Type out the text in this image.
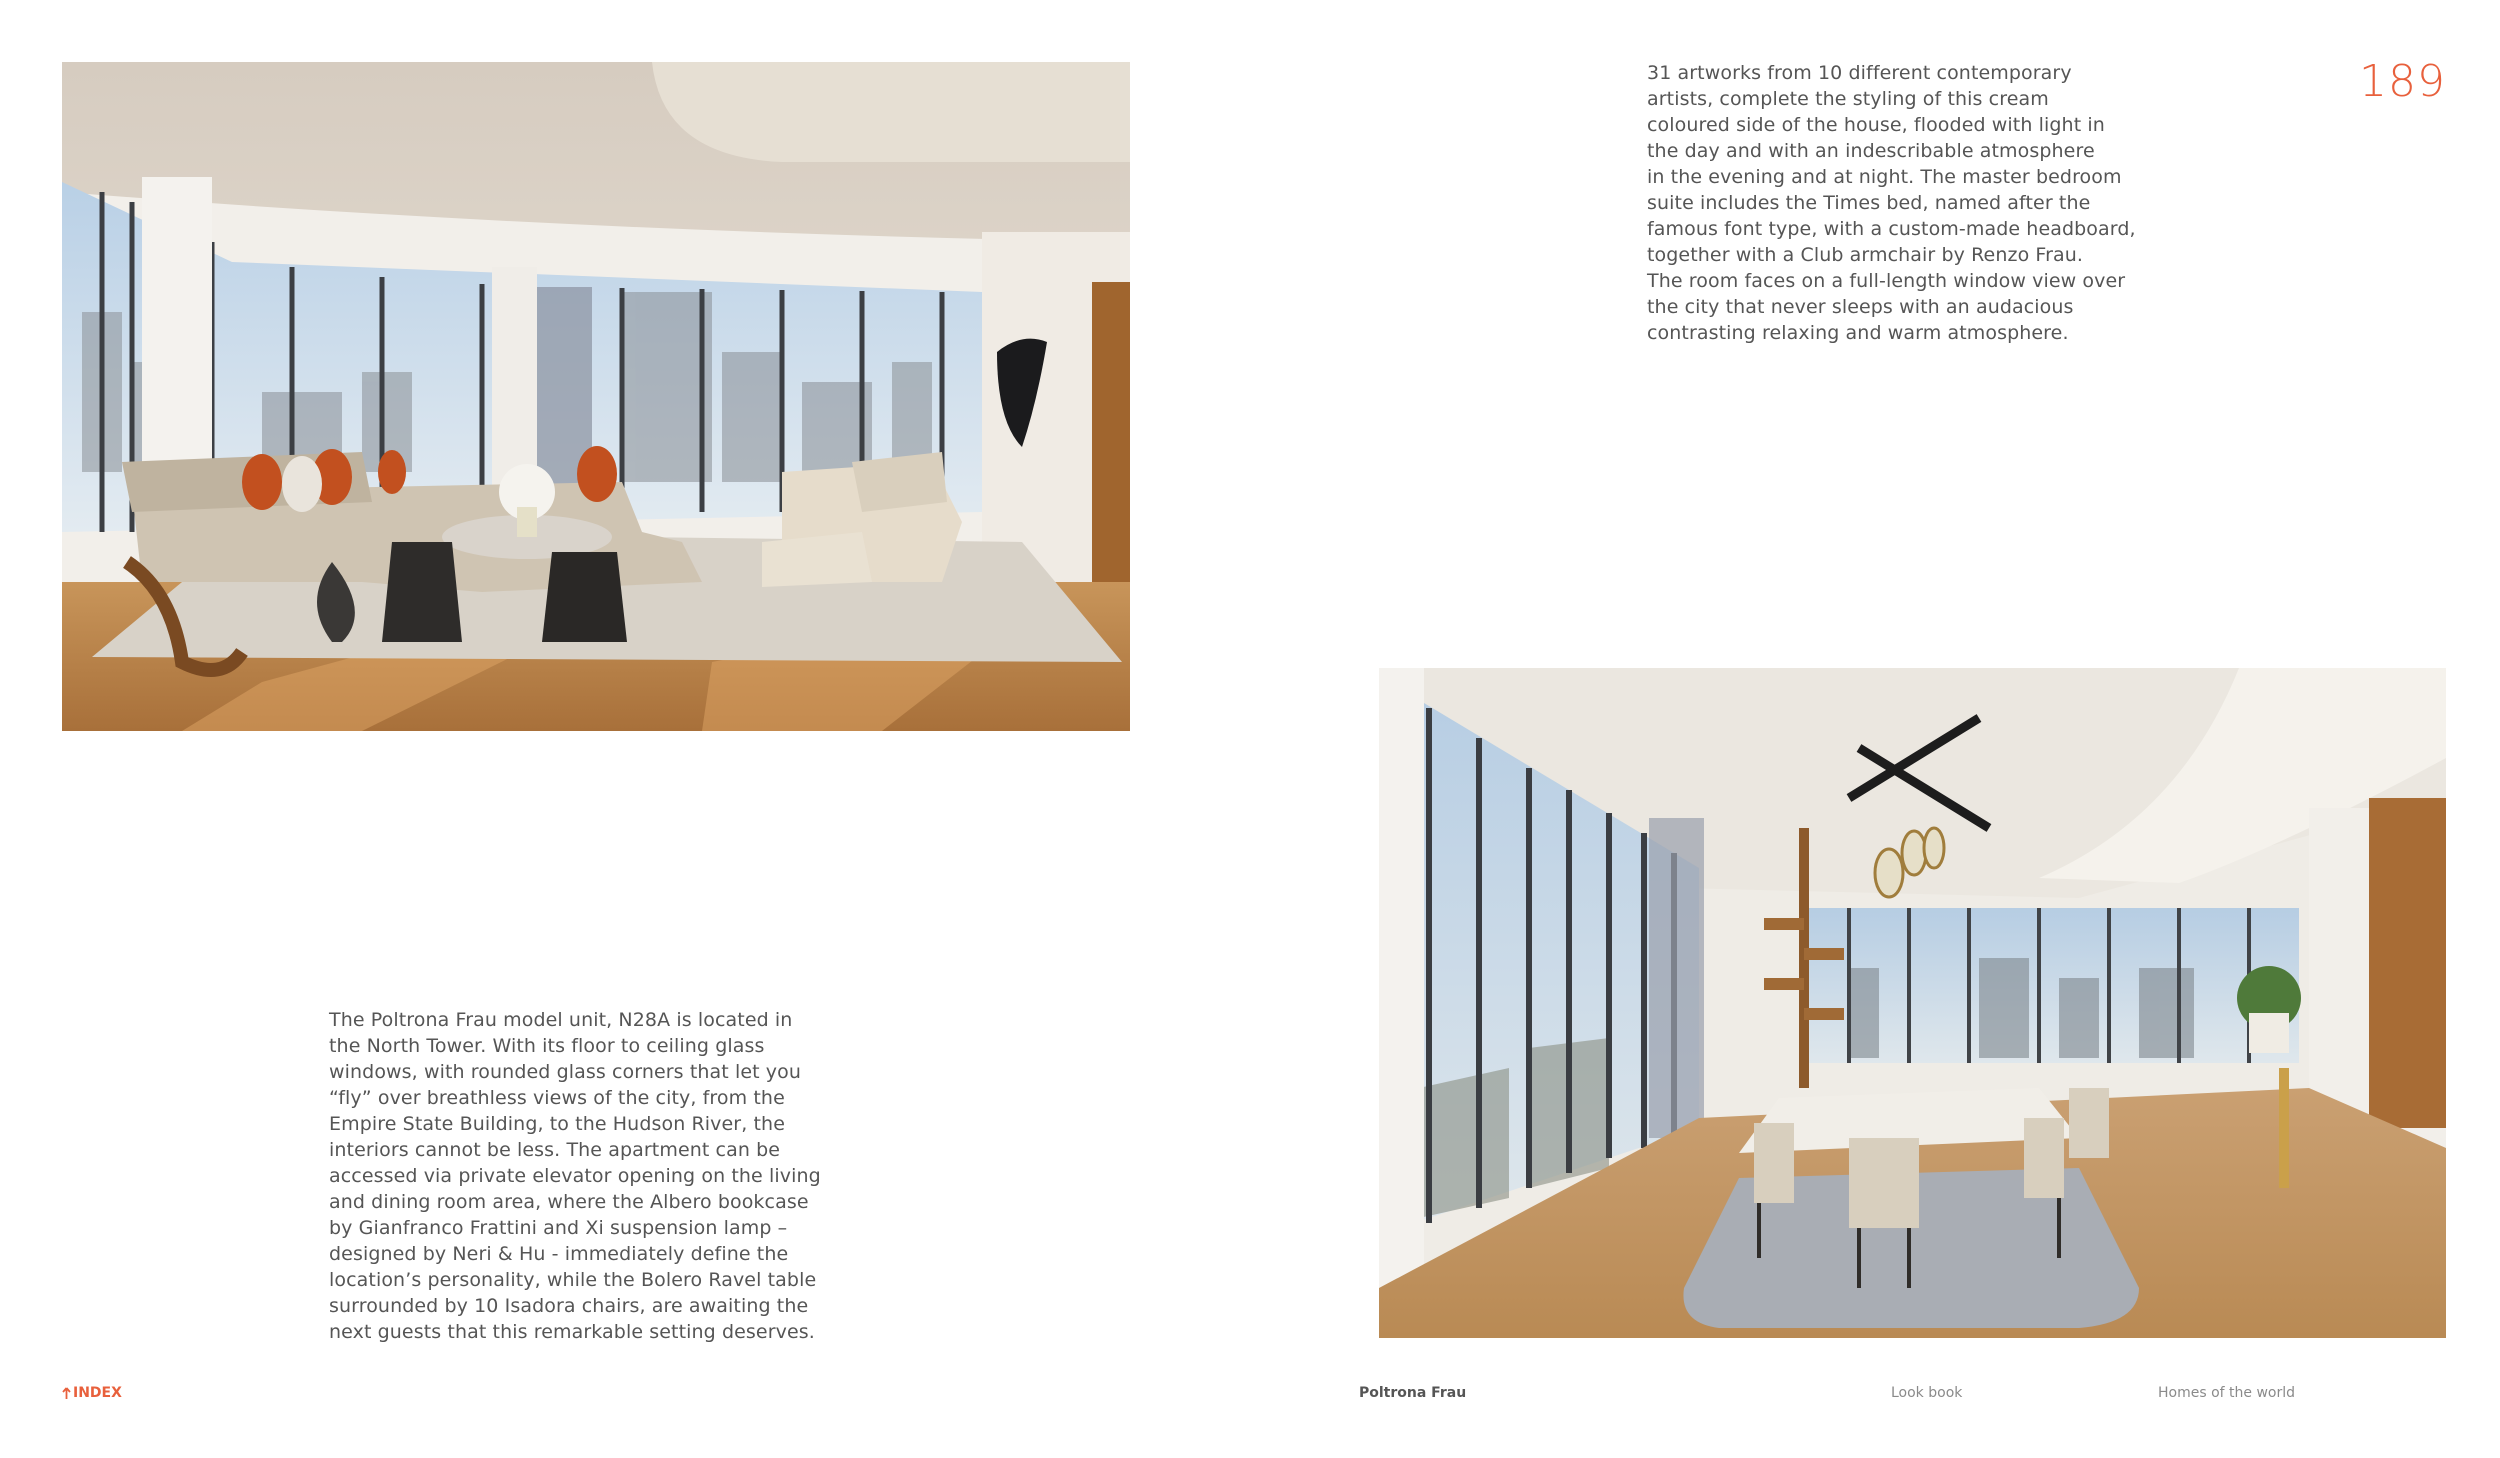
189
31 artworks from 10 different contemporary
artists, complete the styling of this cream
coloured side of the house, flooded with light in
the day and with an indescribable atmosphere
in the evening and at night. The master bedroom
suite includes the Times bed, named after the
famous font type, with a custom-made headboard,
together with a Club armchair by Renzo Frau.
The room faces on a full-length window view over
the city that never sleeps with an audacious
contrasting relaxing and warm atmosphere.
The Poltrona Frau model unit, N28A is located in
the North Tower. With its floor to ceiling glass
windows, with rounded glass corners that let you
“fly” over breathless views of the city, from the
Empire State Building, to the Hudson River, the
interiors cannot be less. The apartment can be
accessed via private elevator opening on the living
and dining room area, where the Albero bookcase
by Gianfranco Frattini and Xi suspension lamp –
designed by Neri & Hu - immediately define the
location’s personality, while the Bolero Ravel table
surrounded by 10 Isadora chairs, are awaiting the
next guests that this remarkable setting deserves.
INDEX	Poltrona Frau	Look book	Homes of the world
